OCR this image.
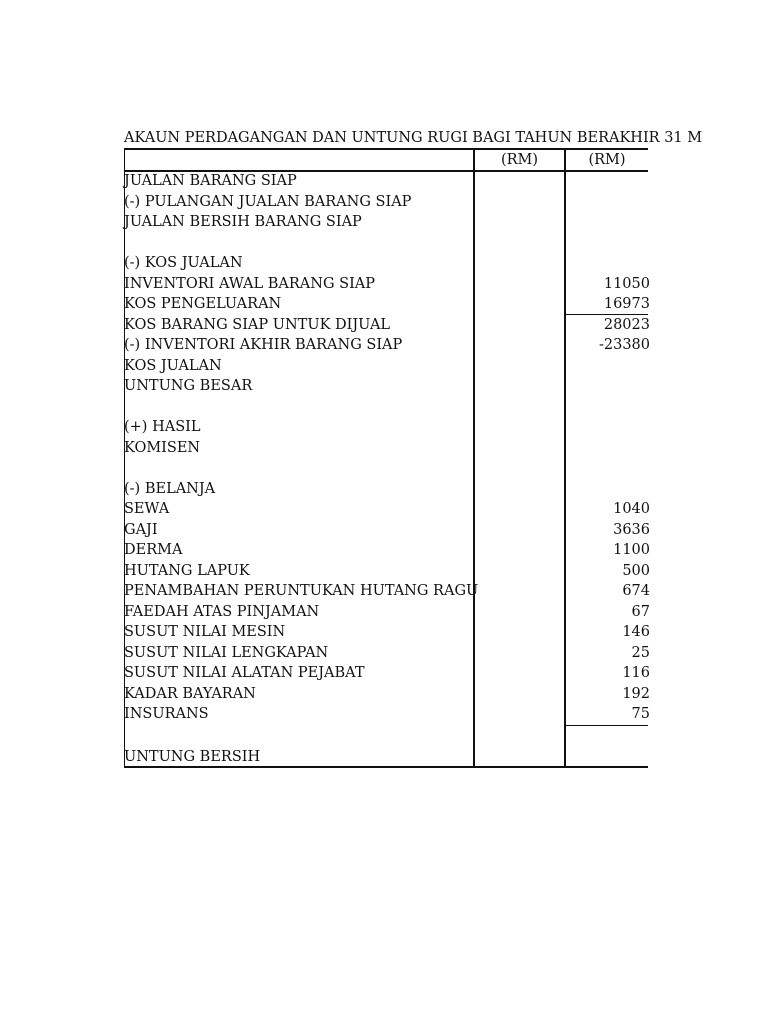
AKAUN PERDAGANGAN DAN UNTUNG RUGI BAGI TAHUN BERAKHIR 31 M
(RM)	(RM)
JUALAN BARANG SIAP
(-) PULANGAN JUALAN BARANG SIAP
JUALAN BERSIH BARANG SIAP
(-) KOS JUALAN
INVENTORI AWAL BARANG SIAP	11050
KOS PENGELUARAN	16973
KOS BARANG SIAP UNTUK DIJUAL	28023
(-) INVENTORI AKHIR BARANG SIAP	-23380
KOS JUALAN
UNTUNG BESAR
(+) HASIL
KOMISEN
(-) BELANJA
SEWA	1040
GAJI	3636
DERMA	1100
HUTANG LAPUK	500
PENAMBAHAN PERUNTUKAN HUTANG RAGU	674
FAEDAH ATAS PINJAMAN	67
SUSUT NILAI MESIN	146
SUSUT NILAI LENGKAPAN	25
SUSUT NILAI ALATAN PEJABAT	116
KADAR BAYARAN	192
INSURANS	75
UNTUNG BERSIH
